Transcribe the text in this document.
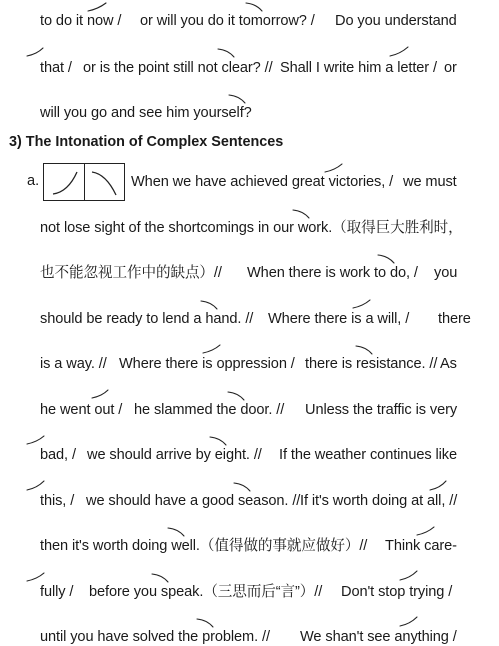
to do it now / or will you do it tomorrow? / Do you understand
that / or is the point still not clear? // Shall I write him a letter / or
will you go and see him yourself?
3) The Intonation of Complex Sentences
a.	When we have achieved great victories, / we must
not lose sight of the shortcomings in our work.（取得巨大胜利时，
也不能忽视工作中的缺点）// When there is work to do, / you
should be ready to lend a hand. // Where there is a will, / there
is a way. // Where there is oppression / there is resistance. // As
he went out / he slammed the door. // Unless the traffic is very
bad, / we should arrive by eight. // If the weather continues like
this, / we should have a good season. // If it's worth doing at all, //
then it's worth doing well.（值得做的事就应做好）// Think care-
fully / before you speak.（三思而后“言”）// Don't stop trying /
until you have solved the problem. // We shan't see anything /
